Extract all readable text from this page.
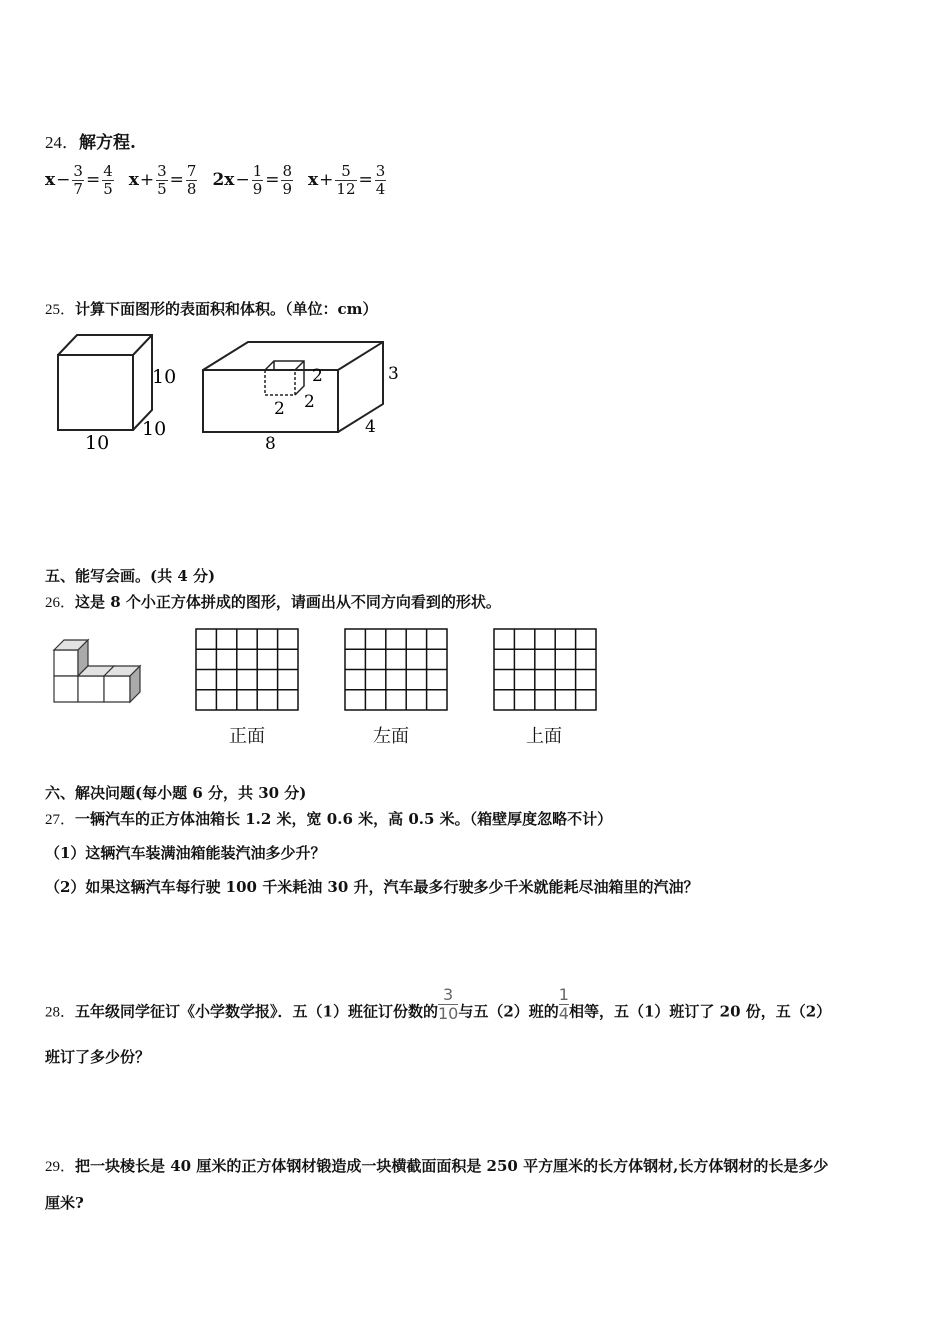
24．解方程.
$x - \frac{3}{7} = \frac{4}{5}$ $x + \frac{3}{5} = \frac{7}{8} 2x - \frac{1}{9} = \frac{8}{9}$ $x + \frac{5}{12} = \frac{3}{4}$
25．计算下面图形的表面积和体积。（单位：cm）
10
10
10
2
2 2
3
4
8
五、能写会画。(共 4 分)
26．这是 8 个小正方体拼成的图形，请画出从不同方向看到的形状。
正面	左面	上面
六、解决问题(每小题 6 分，共 30 分)
27．一辆汽车的正方体油箱长 1.2 米，宽 0.6 米，高 0.5 米。（箱壁厚度忽略不计）
（1）这辆汽车装满油箱能装汽油多少升？
（2）如果这辆汽车每行驶 100 千米耗油 30 升，汽车最多行驶多少千米就能耗尽油箱里的汽油？
28．五年级同学征订《小学数学报》．五（1）班征订份数的 $\frac{3}{10}$ 与五（2）班的 $\frac{1}{4}$ 相等，五（1）班订了 20 份，五（2）
班订了多少份？
29．把一块棱长是 40 厘米的正方体钢材锻造成一块横截面面积是 250 平方厘米的长方体钢材,长方体钢材的长是多少
厘米?
